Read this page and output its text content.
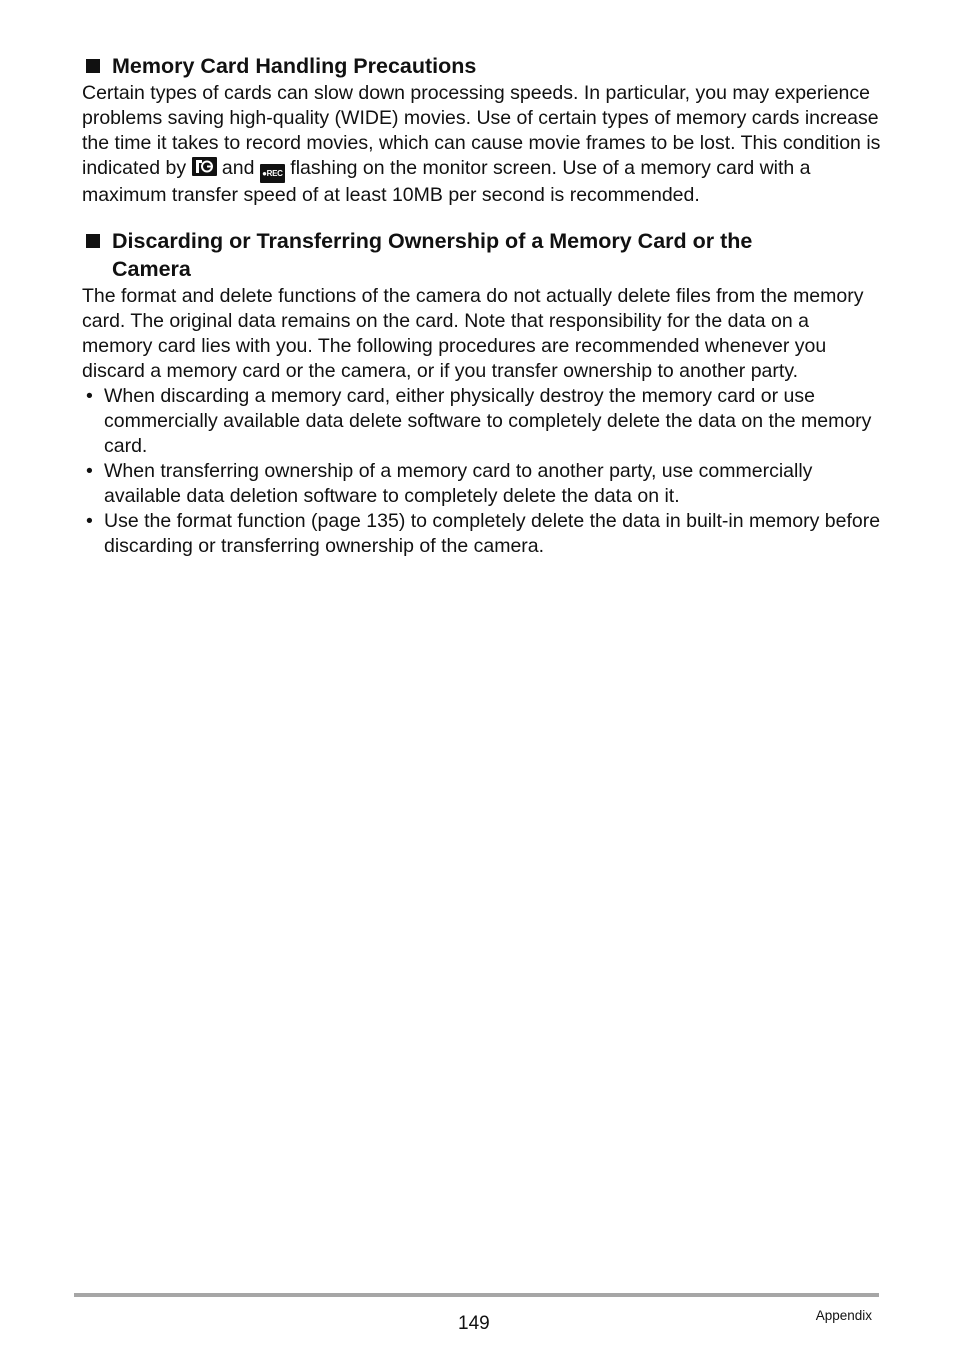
Memory Card Handling Precautions

Certain types of cards can slow down processing speeds. In particular, you may experience problems saving high-quality (WIDE) movies. Use of certain types of memory cards increase the time it takes to record movies, which can cause movie frames to be lost. This condition is indicated by
and ●REC flashing on the monitor screen. Use of a memory card with a maximum transfer speed of at least 10MB per second is recommended.

Discarding or Transferring Ownership of a Memory Card or the
Camera

The format and delete functions of the camera do not actually delete files from the memory card. The original data remains on the card. Note that responsibility for the data on a memory card lies with you. The following procedures are recommended whenever you discard a memory card or the camera, or if you transfer ownership to another party.

• When discarding a memory card, either physically destroy the memory card or use commercially available data delete software to completely delete the data on the memory card.
• When transferring ownership of a memory card to another party, use commercially available data deletion software to completely delete the data on it.
• Use the format function (page 135) to completely delete the data in built-in memory before discarding or transferring ownership of the camera.
149	Appendix
